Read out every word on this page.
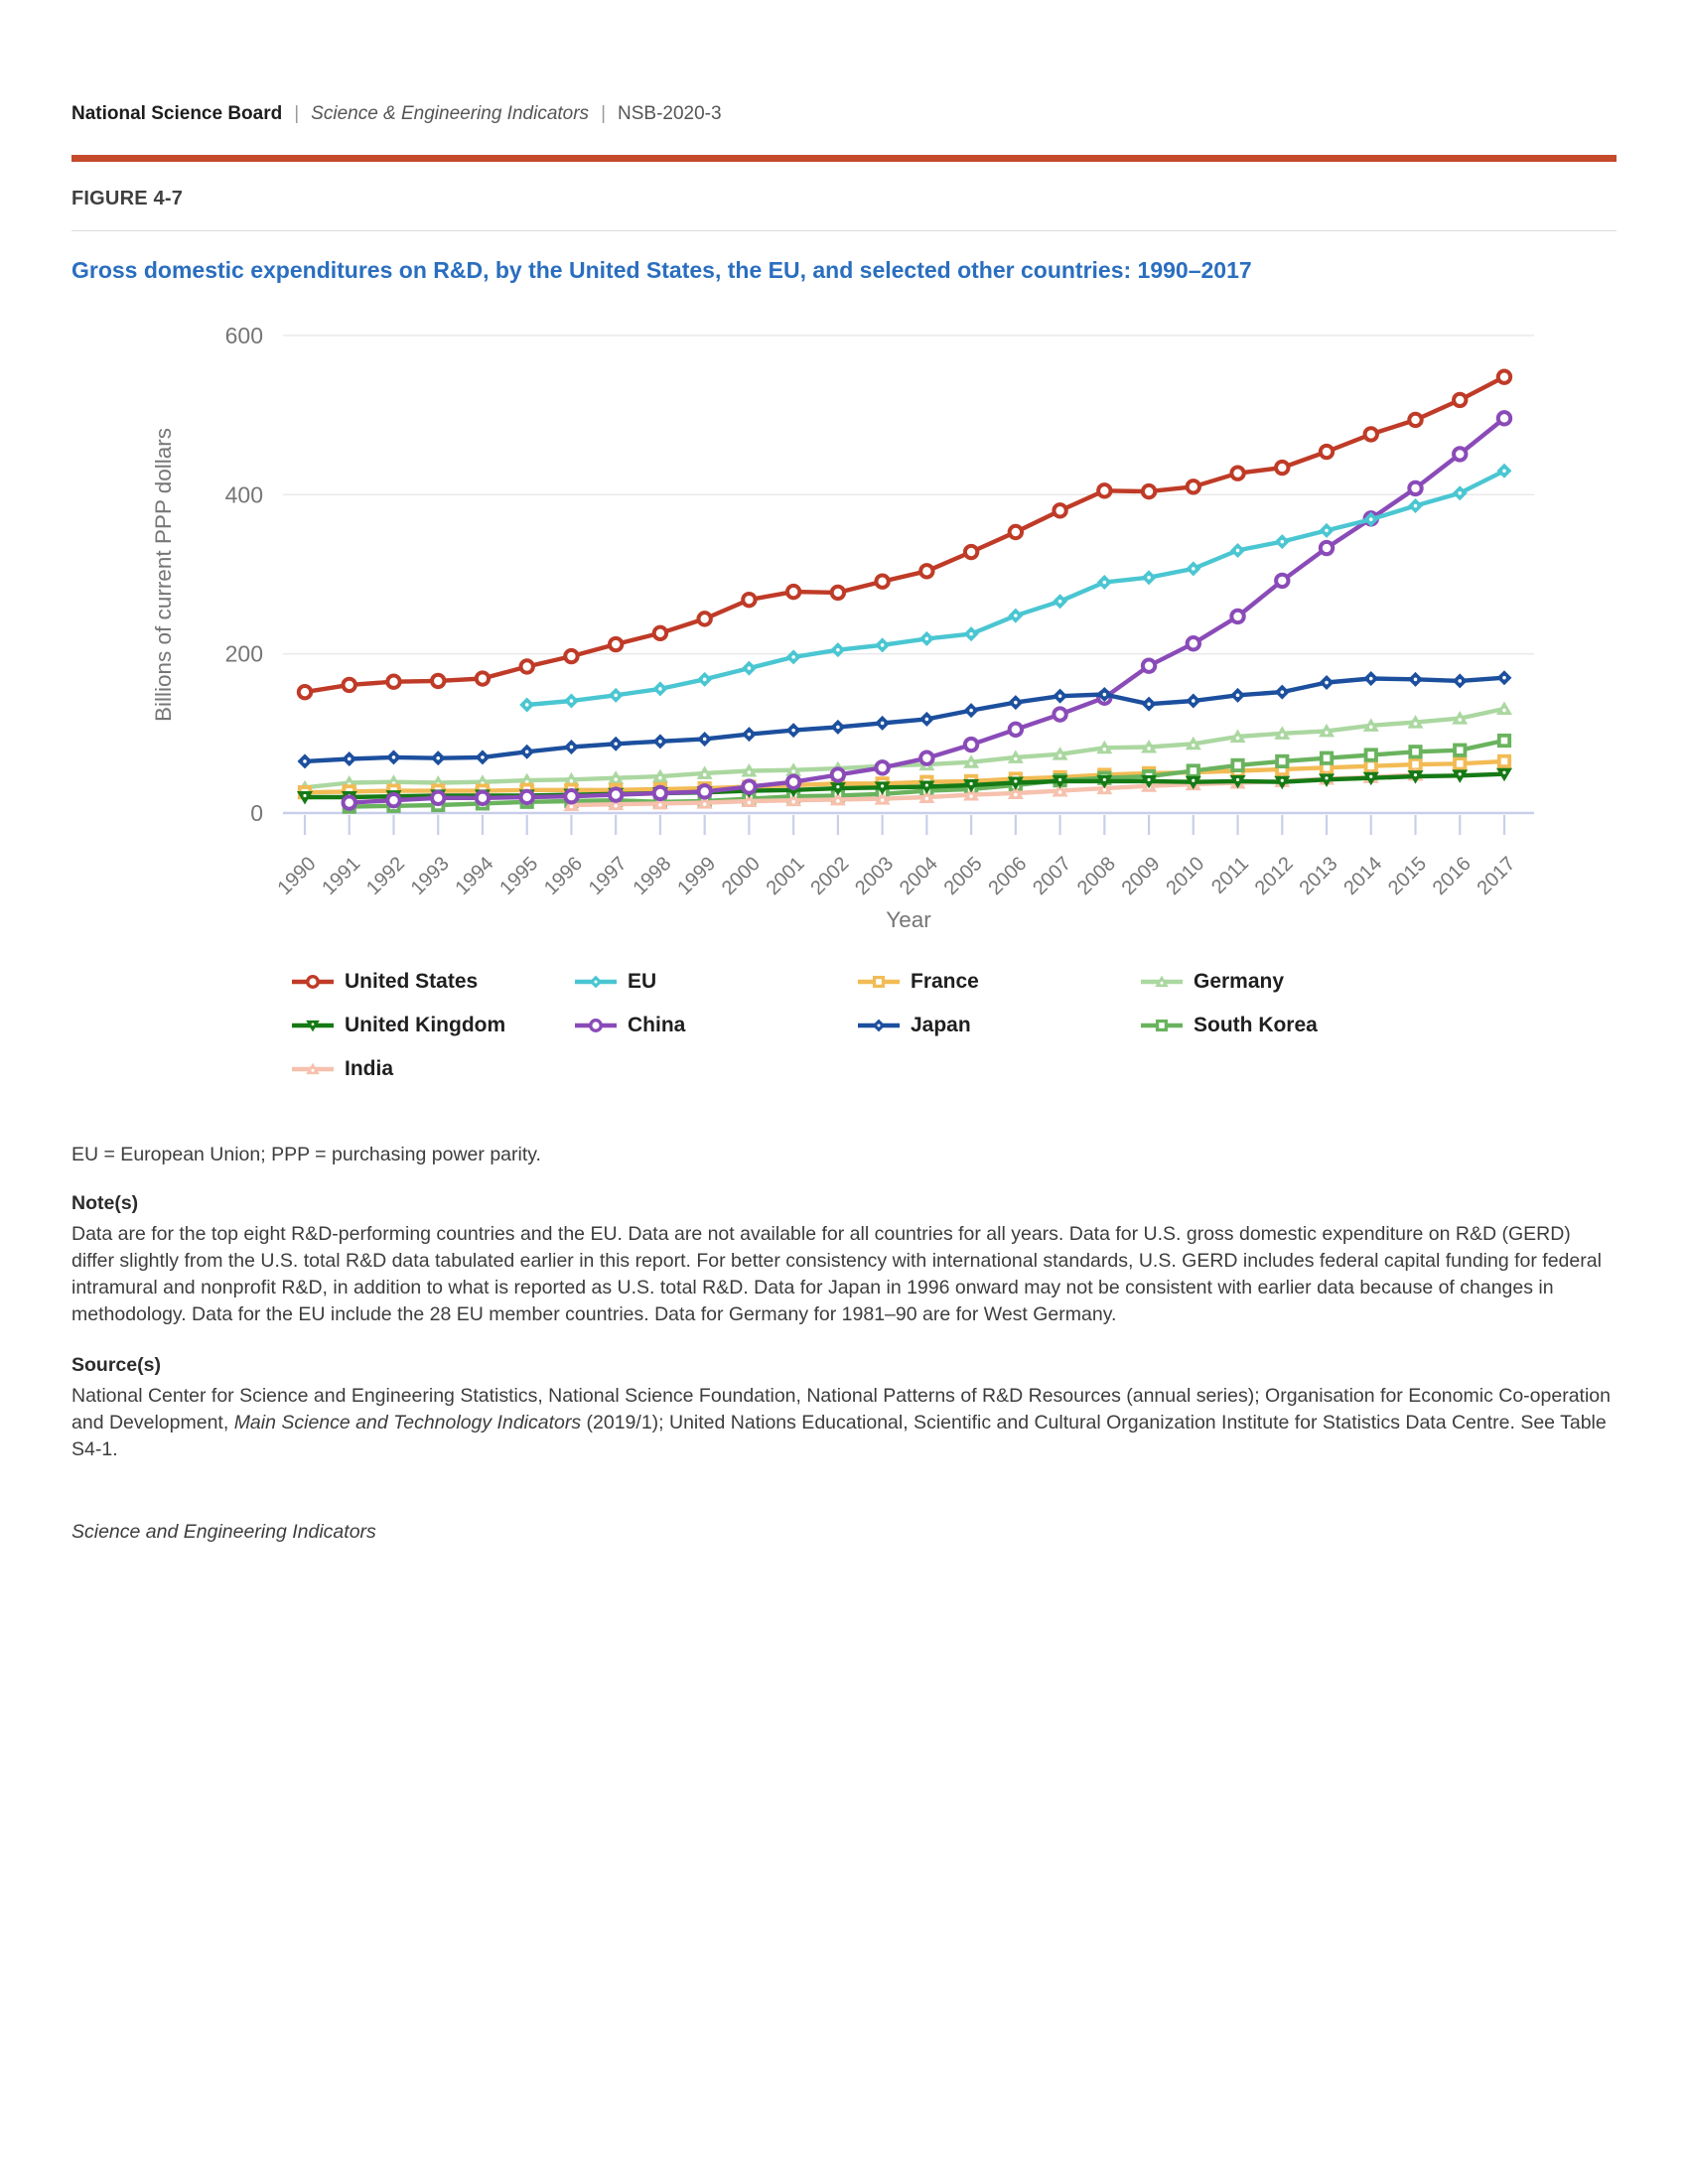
National Science Board | Science & Engineering Indicators | NSB-2020-3
FIGURE 4-7
Gross domestic expenditures on R&D, by the United States, the EU, and selected other countries: 1990–2017
0
200
400
600
Billions of current PPP dollars
1990
1991
1992
1993
1994
1995
1996
1997
1998
1999
2000
2001
2002
2003
2004
2005
2006
2007
2008
2009
2010
2011
2012
2013
2014
2015
2016
2017
Year
United States	EU	France	Germany
United Kingdom	China	Japan	South Korea
India
EU = European Union; PPP = purchasing power parity.
Note(s)
Data are for the top eight R&D-performing countries and the EU. Data are not available for all countries for all years. Data for U.S. gross domestic expenditure on R&D (GERD) differ slightly from the U.S. total R&D data tabulated earlier in this report. For better consistency with international standards, U.S. GERD includes federal capital funding for federal intramural and nonprofit R&D, in addition to what is reported as U.S. total R&D. Data for Japan in 1996 onward may not be consistent with earlier data because of changes in methodology. Data for the EU include the 28 EU member countries. Data for Germany for 1981–90 are for West Germany.
Source(s)
National Center for Science and Engineering Statistics, National Science Foundation, National Patterns of R&D Resources (annual series); Organisation for Economic Co-operation and Development, Main Science and Technology Indicators (2019/1); United Nations Educational, Scientific and Cultural Organization Institute for Statistics Data Centre. See Table S4-1.
Science and Engineering Indicators
